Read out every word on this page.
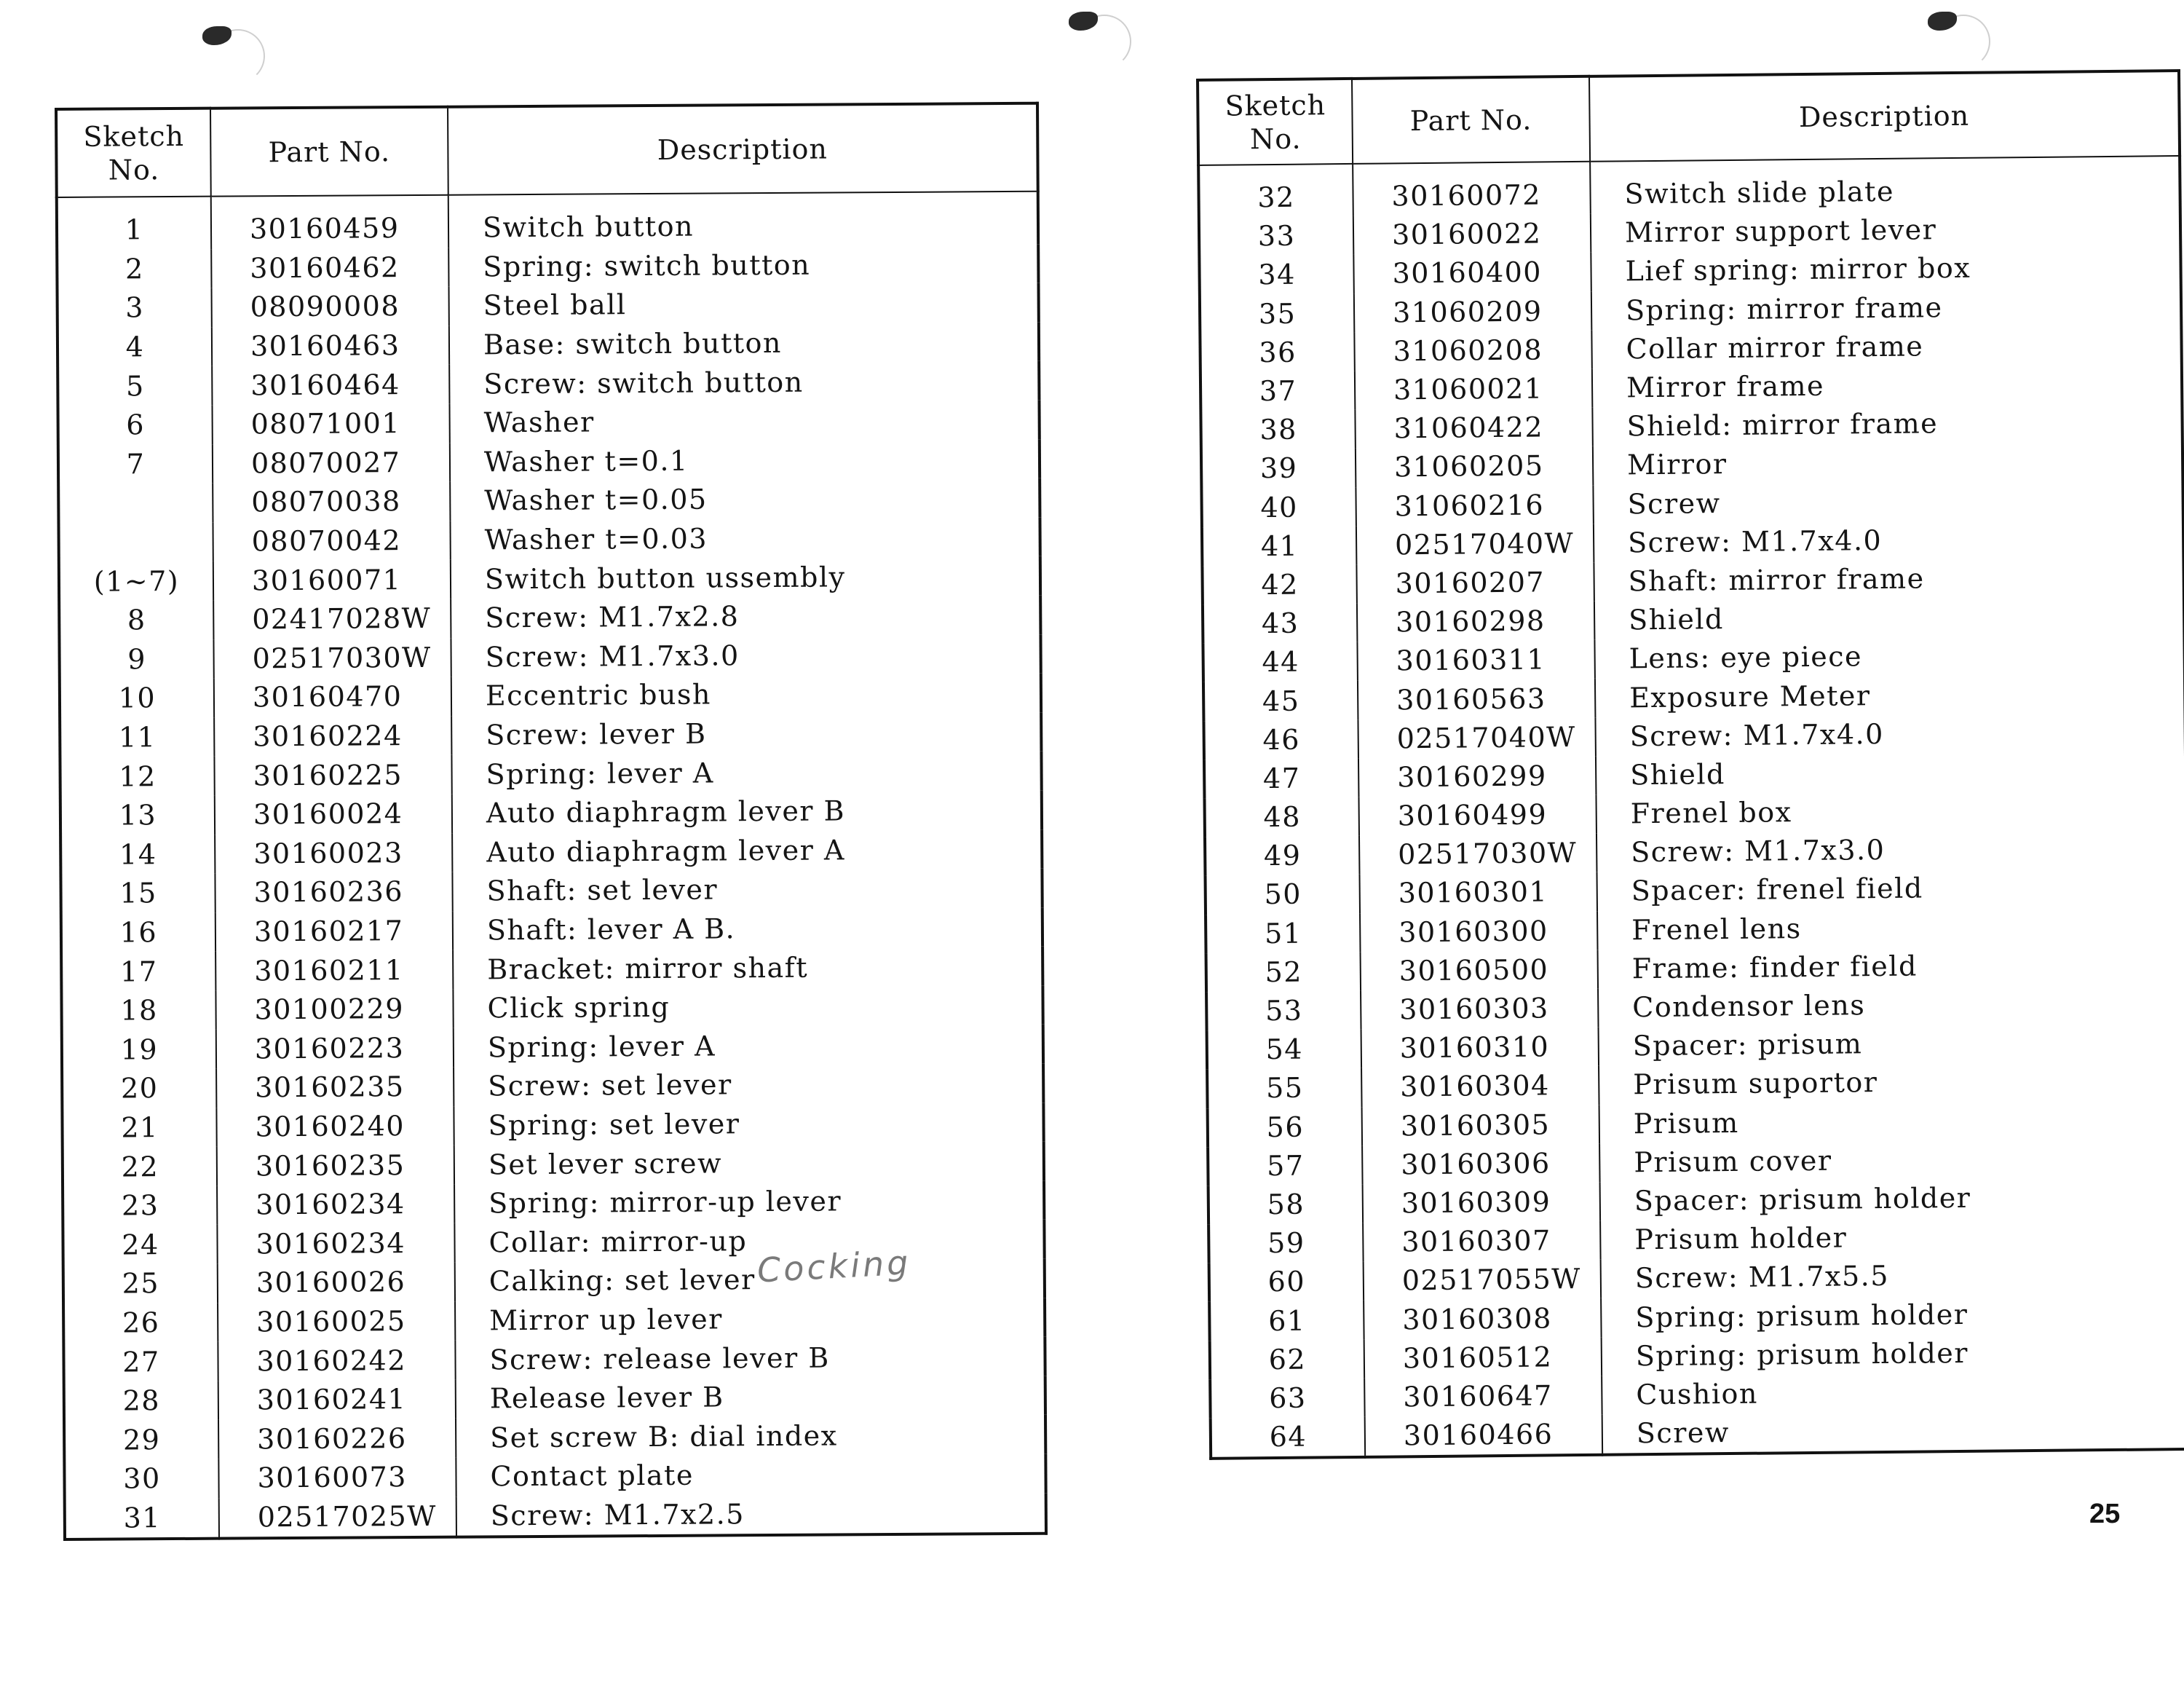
Sketch No.	Part No.	Description
1	30160459	Switch button
2	30160462	Spring: switch button
3	08090008	Steel ball
4	30160463	Base: switch button
5	30160464	Screw: switch button
6	08071001	Washer
7	08070027	Washer t=0.1
	08070038	Washer t=0.05
	08070042	Washer t=0.03
(1~7)	30160071	Switch button ussembly
8	02417028W	Screw: M1.7x2.8
9	02517030W	Screw: M1.7x3.0
10	30160470	Eccentric bush
11	30160224	Screw: lever B
12	30160225	Spring: lever A
13	30160024	Auto diaphragm lever B
14	30160023	Auto diaphragm lever A
15	30160236	Shaft: set lever
16	30160217	Shaft: lever A B.
17	30160211	Bracket: mirror shaft
18	30100229	Click spring
19	30160223	Spring: lever A
20	30160235	Screw: set lever
21	30160240	Spring: set lever
22	30160235	Set lever screw
23	30160234	Spring: mirror-up lever
24	30160234	Collar: mirror-up
25	30160026	Calking: set lever
26	30160025	Mirror up lever
27	30160242	Screw: release lever B
28	30160241	Release lever B
29	30160226	Set screw B: dial index
30	30160073	Contact plate
31	02517025W	Screw: M1.7x2.5
Sketch No.	Part No.	Description
32	30160072	Switch slide plate
33	30160022	Mirror support lever
34	30160400	Lief spring: mirror box
35	31060209	Spring: mirror frame
36	31060208	Collar mirror frame
37	31060021	Mirror frame
38	31060422	Shield: mirror frame
39	31060205	Mirror
40	31060216	Screw
41	02517040W	Screw: M1.7x4.0
42	30160207	Shaft: mirror frame
43	30160298	Shield
44	30160311	Lens: eye piece
45	30160563	Exposure Meter
46	02517040W	Screw: M1.7x4.0
47	30160299	Shield
48	30160499	Frenel box
49	02517030W	Screw: M1.7x3.0
50	30160301	Spacer: frenel field
51	30160300	Frenel lens
52	30160500	Frame: finder field
53	30160303	Condensor lens
54	30160310	Spacer: prisum
55	30160304	Prisum suportor
56	30160305	Prisum
57	30160306	Prisum cover
58	30160309	Spacer: prisum holder
59	30160307	Prisum holder
60	02517055W	Screw: M1.7x5.5
61	30160308	Spring: prisum holder
62	30160512	Spring: prisum holder
63	30160647	Cushion
64	30160466	Screw
Cocking
25
